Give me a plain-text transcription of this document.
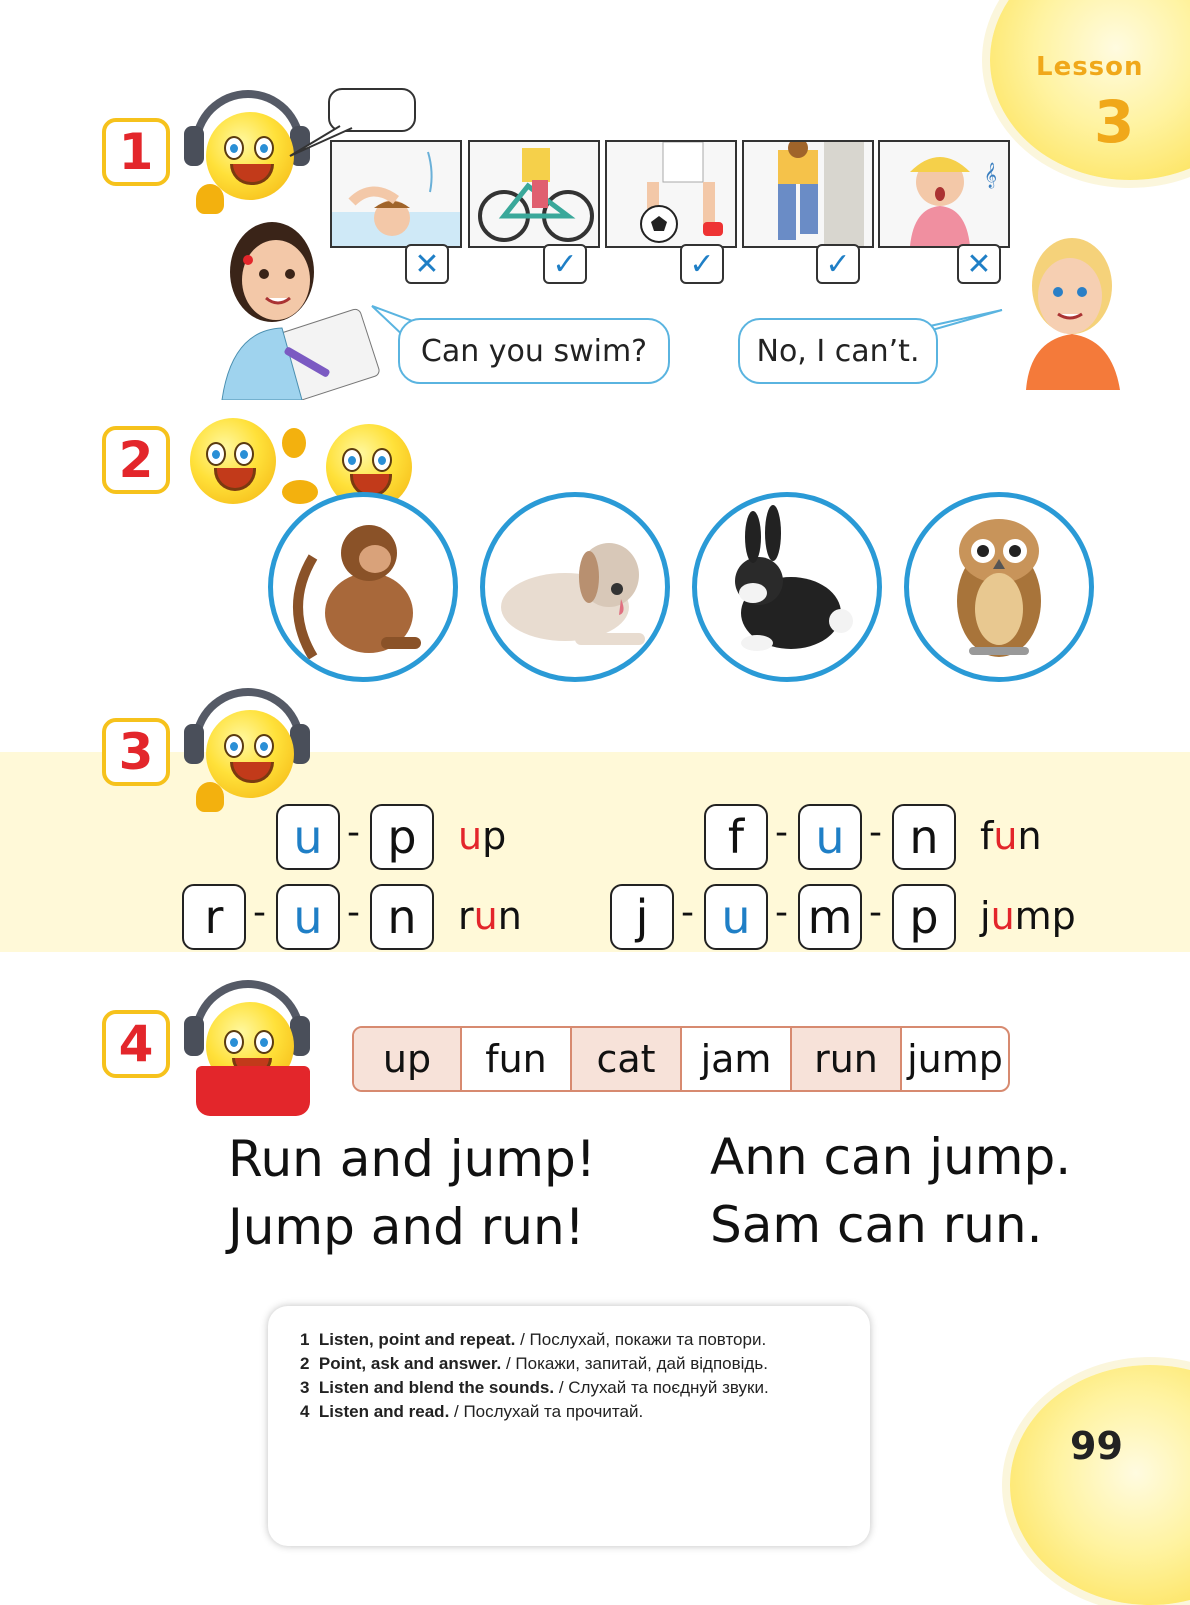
Lesson
3
1	𝄞
✕	✓	✓	✓	✕
Can you swim?	No, I can’t.
2
3
u - p	up
r - u - n	run
f - u - n	fun
j - u - m - p	jump
4	up	fun	cat	jam	run jump
Run and jump!
Jump and run!
Ann can jump.
Sam can run.
1 Listen, point and repeat. / Послухай, покажи та повтори.
2 Point, ask and answer. / Покажи, запитай, дай відповідь.
3 Listen and blend the sounds. / Слухай та поєднуй звуки.
4 Listen and read. / Послухай та прочитай.
99
